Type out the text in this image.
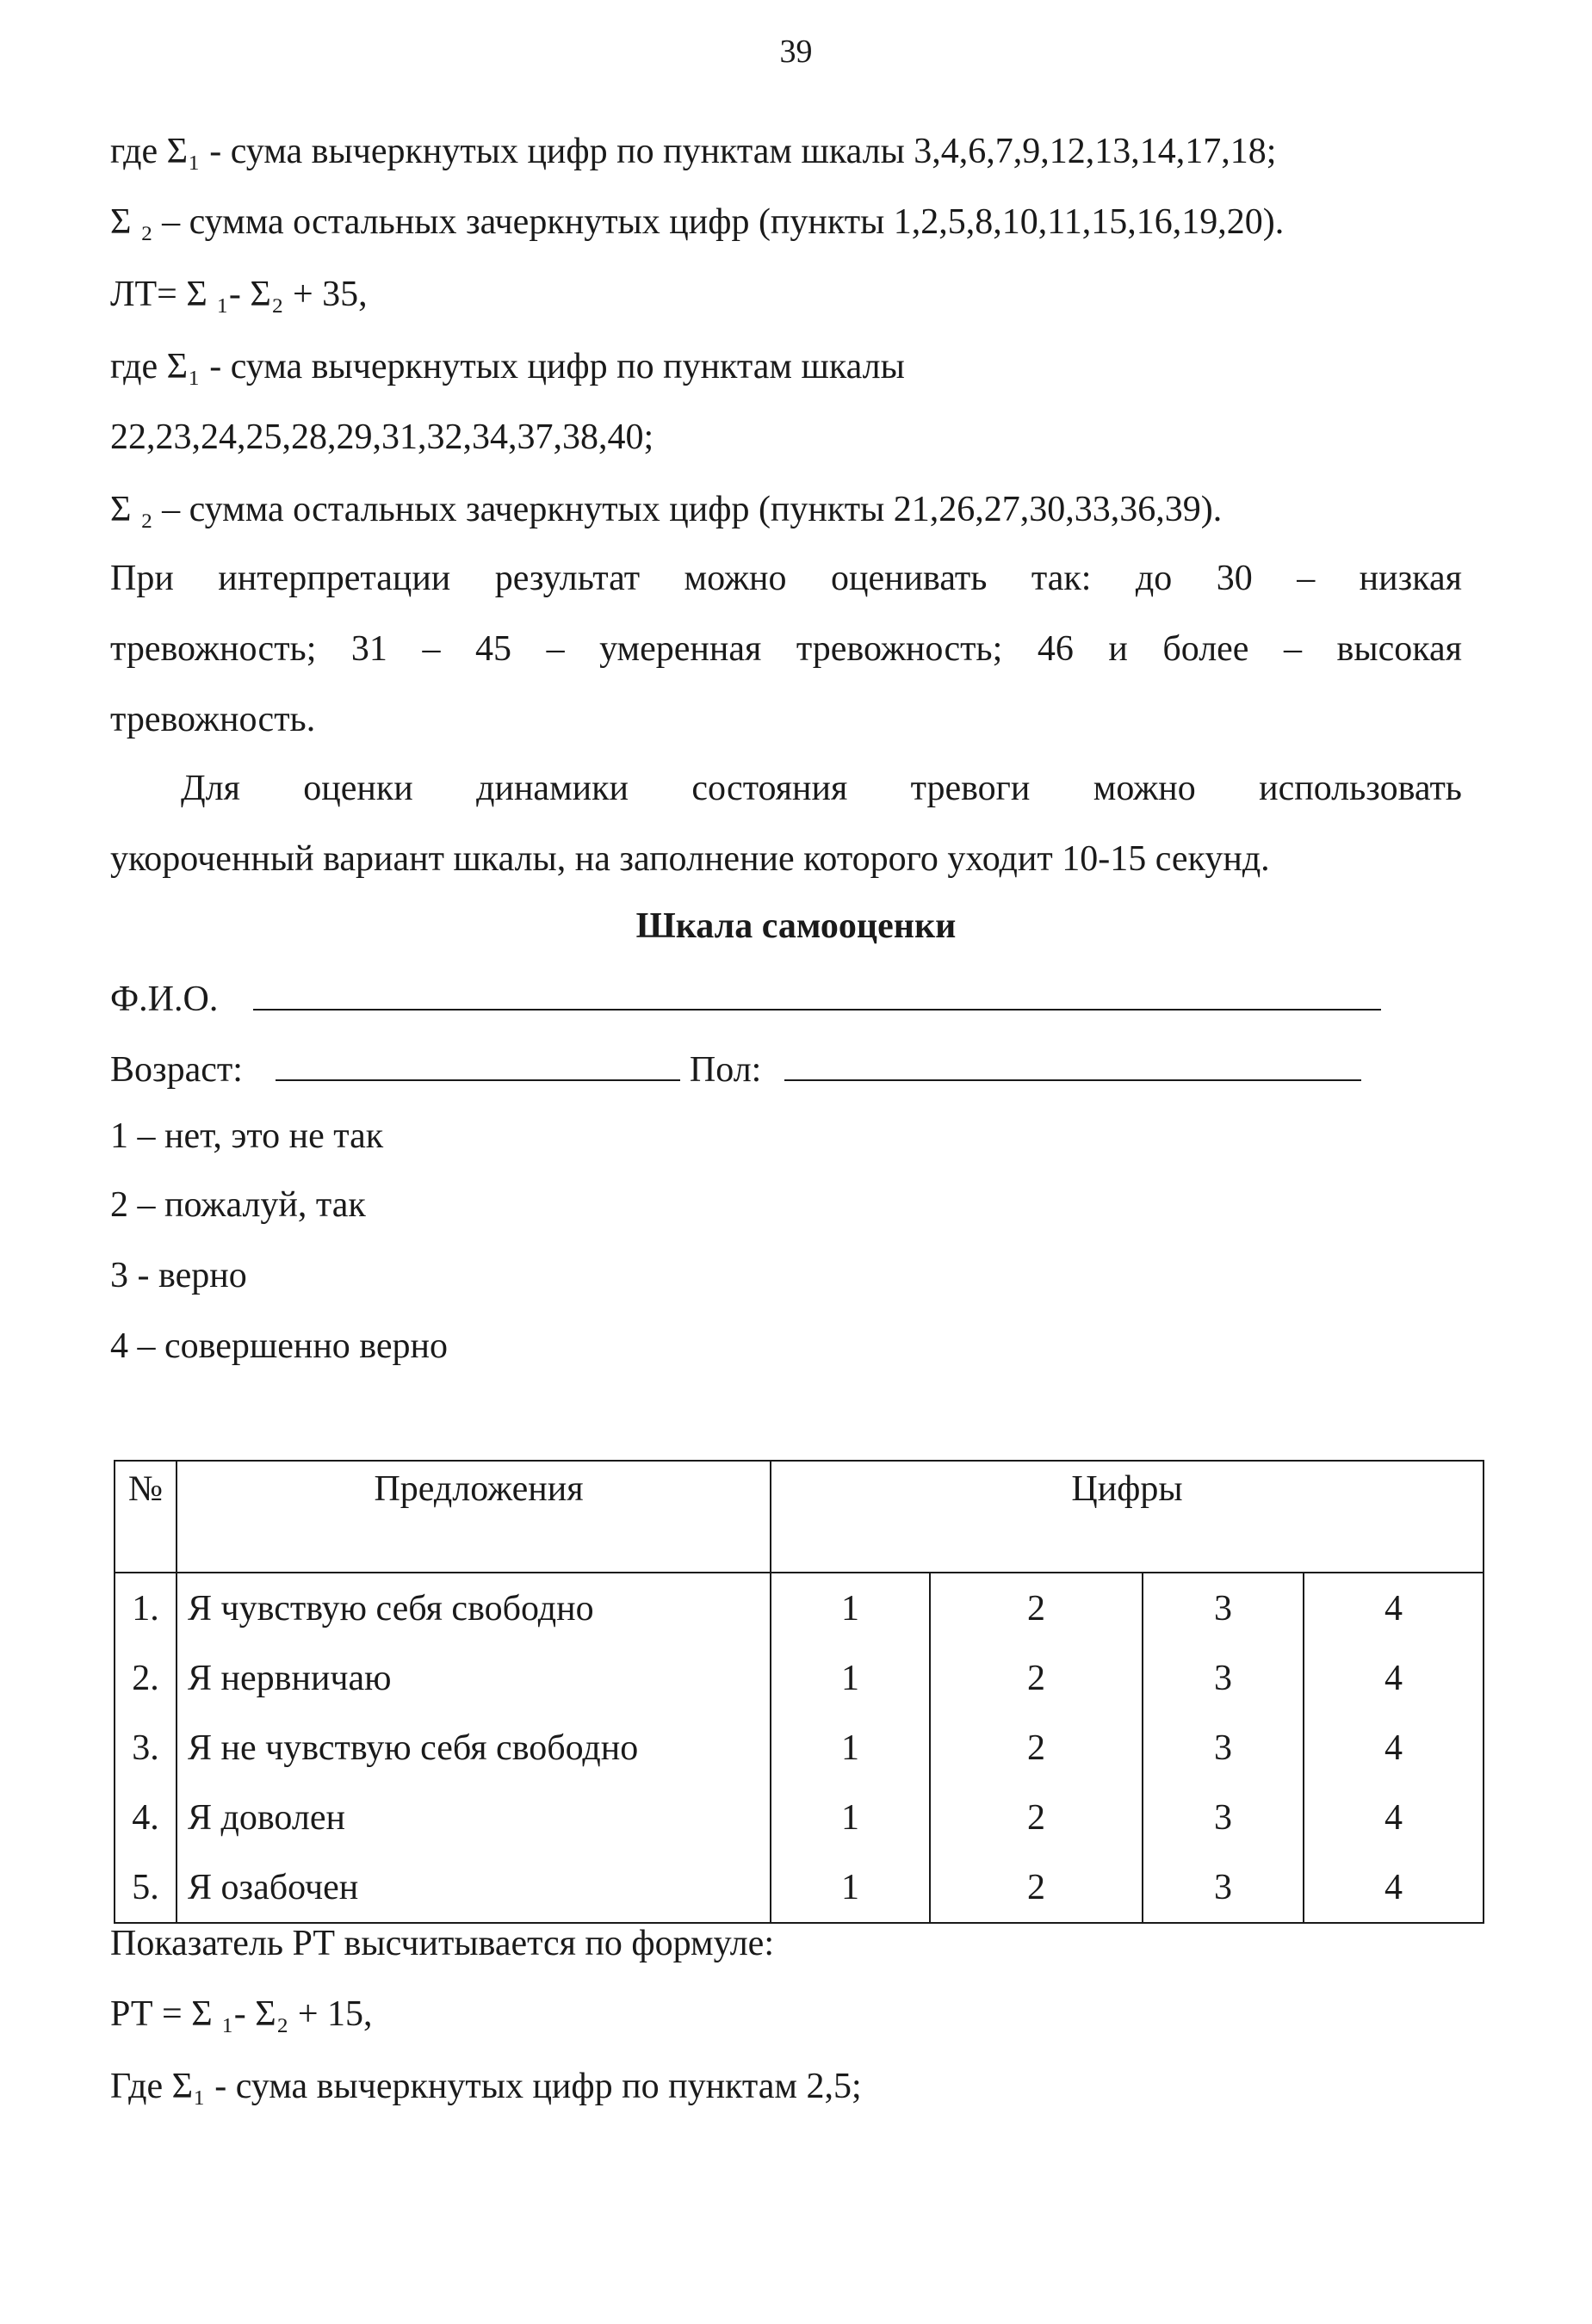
39
где Σ₁ - сума вычеркнутых цифр по пунктам шкалы 3,4,6,7,9,12,13,14,17,18;
Σ ₂ – сумма остальных зачеркнутых цифр (пункты 1,2,5,8,10,11,15,16,19,20).
ЛТ= Σ ₁- Σ₂ + 35,
где Σ₁ - сума вычеркнутых цифр по пунктам шкалы
22,23,24,25,28,29,31,32,34,37,38,40;
Σ ₂ – сумма остальных зачеркнутых цифр (пункты 21,26,27,30,33,36,39).
При интерпретации результат можно оценивать так: до 30 – низкая
тревожность; 31 – 45 – умеренная тревожность; 46 и более – высокая
тревожность.
Для оценки динамики состояния тревоги можно использовать
укороченный вариант шкалы, на заполнение которого уходит 10-15 секунд.
Шкала самооценки
Ф.И.О.
Возраст:	Пол:
1 – нет, это не так
2 – пожалуй, так
3 - верно
4 – совершенно верно
№	Предложения	Цифры			
1.	Я чувствую себя свободно	1	2	3	4
2.	Я нервничаю	1	2	3	4
3.	Я не чувствую себя свободно	1	2	3	4
4.	Я доволен	1	2	3	4
5.	Я озабочен	1	2	3	4
Показатель РТ высчитывается по формуле:
РТ = Σ ₁- Σ₂ + 15,
Где Σ₁ - сума вычеркнутых цифр по пунктам 2,5;
